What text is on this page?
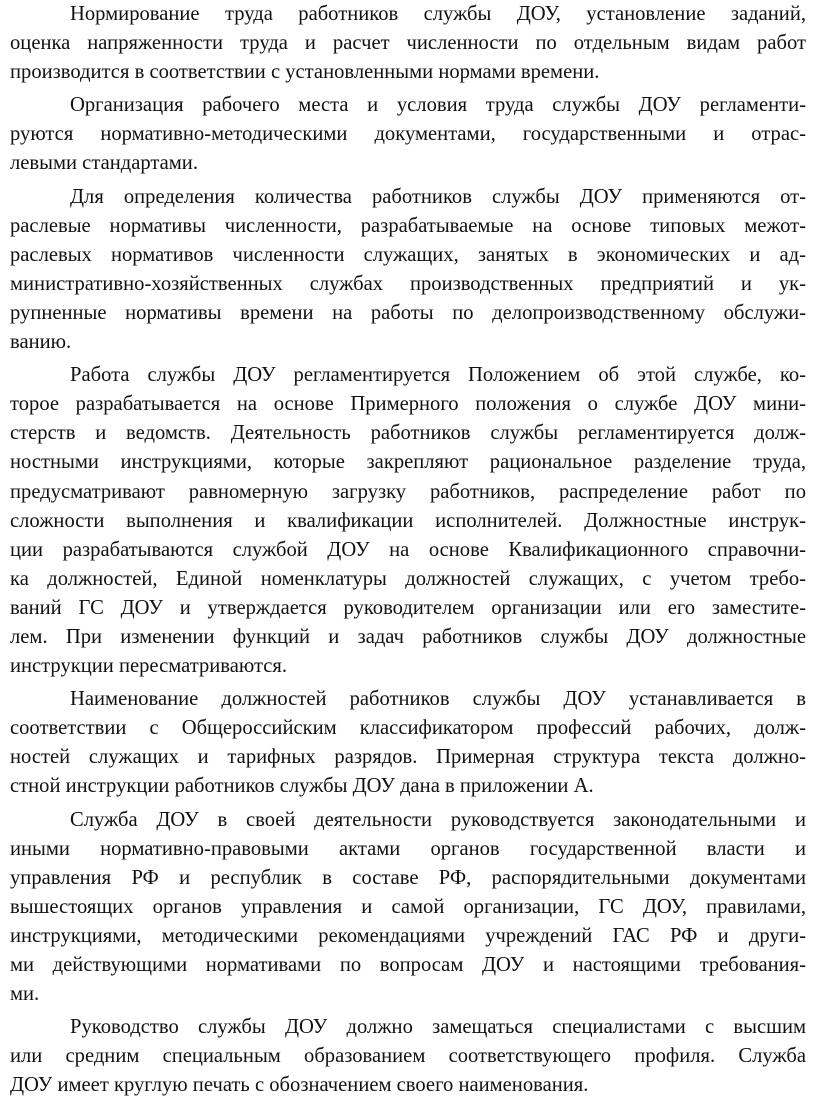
Нормирование труда работников службы ДОУ, установление заданий,
оценка напряженности труда и расчет численности по отдельным видам работ
производится в соответствии с установленными нормами времени.
Организация рабочего места и условия труда службы ДОУ регламенти-
руются нормативно-методическими документами, государственными и отрас-
левыми стандартами.
Для определения количества работников службы ДОУ применяются от-
раслевые нормативы численности, разрабатываемые на основе типовых межот-
раслевых нормативов численности служащих, занятых в экономических и ад-
министративно-хозяйственных службах производственных предприятий и ук-
рупненные нормативы времени на работы по делопроизводственному обслужи-
ванию.
Работа службы ДОУ регламентируется Положением об этой службе, ко-
торое разрабатывается на основе Примерного положения о службе ДОУ мини-
стерств и ведомств. Деятельность работников службы регламентируется долж-
ностными инструкциями, которые закрепляют рациональное разделение труда,
предусматривают равномерную загрузку работников, распределение работ по
сложности выполнения и квалификации исполнителей. Должностные инструк-
ции разрабатываются службой ДОУ на основе Квалификационного справочни-
ка должностей, Единой номенклатуры должностей служащих, с учетом требо-
ваний ГС ДОУ и утверждается руководителем организации или его заместите-
лем. При изменении функций и задач работников службы ДОУ должностные
инструкции пересматриваются.
Наименование должностей работников службы ДОУ устанавливается в
соответствии с Общероссийским классификатором профессий рабочих, долж-
ностей служащих и тарифных разрядов. Примерная структура текста должно-
стной инструкции работников службы ДОУ дана в приложении А.
Служба ДОУ в своей деятельности руководствуется законодательными и
иными нормативно-правовыми актами органов государственной власти и
управления РФ и республик в составе РФ, распорядительными документами
вышестоящих органов управления и самой организации, ГС ДОУ, правилами,
инструкциями, методическими рекомендациями учреждений ГАС РФ и други-
ми действующими нормативами по вопросам ДОУ и настоящими требования-
ми.
Руководство службы ДОУ должно замещаться специалистами с высшим
или средним специальным образованием соответствующего профиля. Служба
ДОУ имеет круглую печать с обозначением своего наименования.
